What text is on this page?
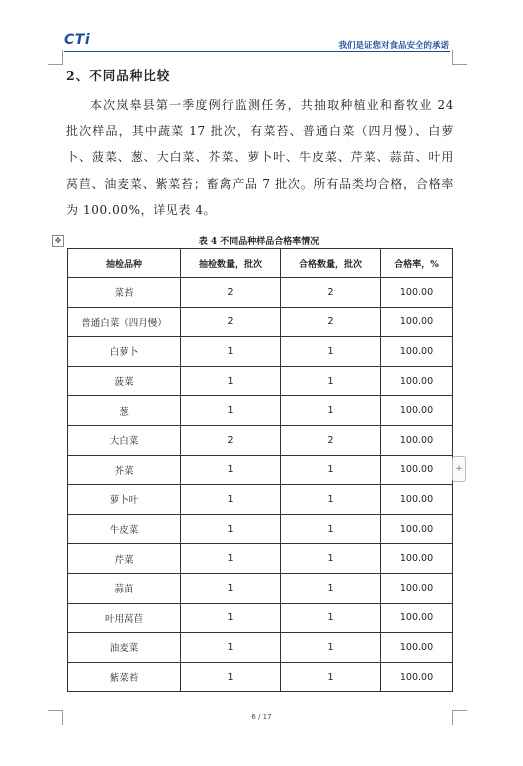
CTi	我们是证您对食品安全的承诺
2、不同品种比较

本次岚皋县第一季度例行监测任务，共抽取种植业和畜牧业 24 批次样品，其中蔬菜 17 批次，有菜苔、普通白菜（四月慢）、白萝卜、菠菜、葱、大白菜、芥菜、萝卜叶、牛皮菜、芹菜、蒜苗、叶用莴苣、油麦菜、紫菜苔；畜禽产品 7 批次。所有品类均合格，合格率为 100.00%，详见表 4。

✥	表 4 不同品种样品合格率情况
抽检品种	抽检数量，批次	合格数量，批次	合格率，%
菜苔	2	2	100.00
普通白菜（四月慢）	2	2	100.00
白萝卜	1	1	100.00
菠菜	1	1	100.00
葱	1	1	100.00
大白菜	2	2	100.00
芥菜	1	1	100.00
萝卜叶	1	1	100.00
牛皮菜	1	1	100.00
芹菜	1	1	100.00
蒜苗	1	1	100.00
叶用莴苣	1	1	100.00
油麦菜	1	1	100.00
紫菜苔	1	1	100.00
+
6 / 17
